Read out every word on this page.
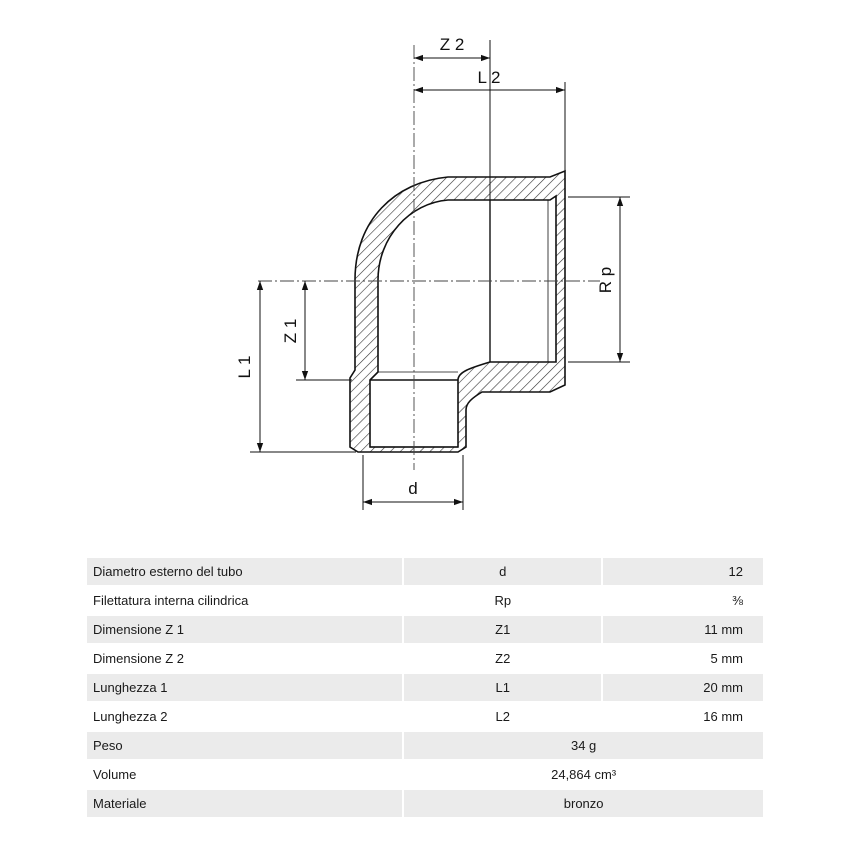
Z 2
L 2
R p
Z 1
L 1
d
Diametro esterno del tubo	d	12
Filettatura interna cilindrica	Rp	⅜
Dimensione Z 1	Z1	11 mm
Dimensione Z 2	Z2	5 mm
Lunghezza 1	L1	20 mm
Lunghezza 2	L2	16 mm
Peso	34 g	
Volume	24,864 cm³	
Materiale	bronzo	
